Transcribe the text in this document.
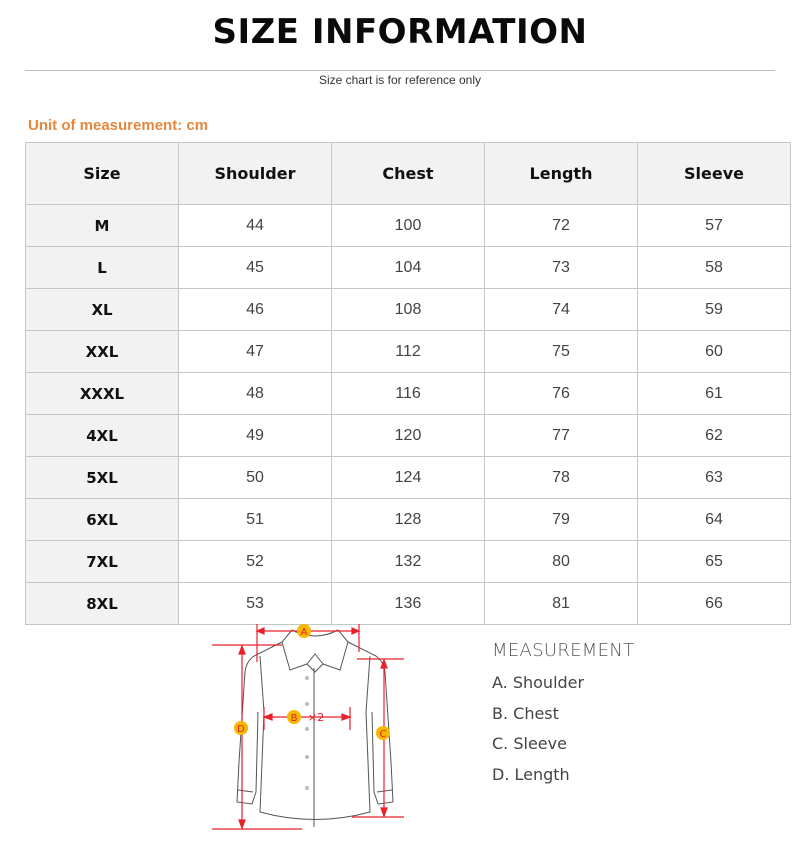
SIZE INFORMATION
Size chart is for reference only
Unit of measurement: cm
Size	Shoulder	Chest	Length	Sleeve
M	44	100	72	57
L	45	104	73	58
XL	46	108	74	59
XXL	47	112	75	60
XXXL	48	116	76	61
4XL	49	120	77	62
5XL	50	124	78	63
6XL	51	128	79	64
7XL	52	132	80	65
8XL	53	136	81	66
A
B ×2
C
D
MEASUREMENT
A. Shoulder
B. Chest
C. Sleeve
D. Length
